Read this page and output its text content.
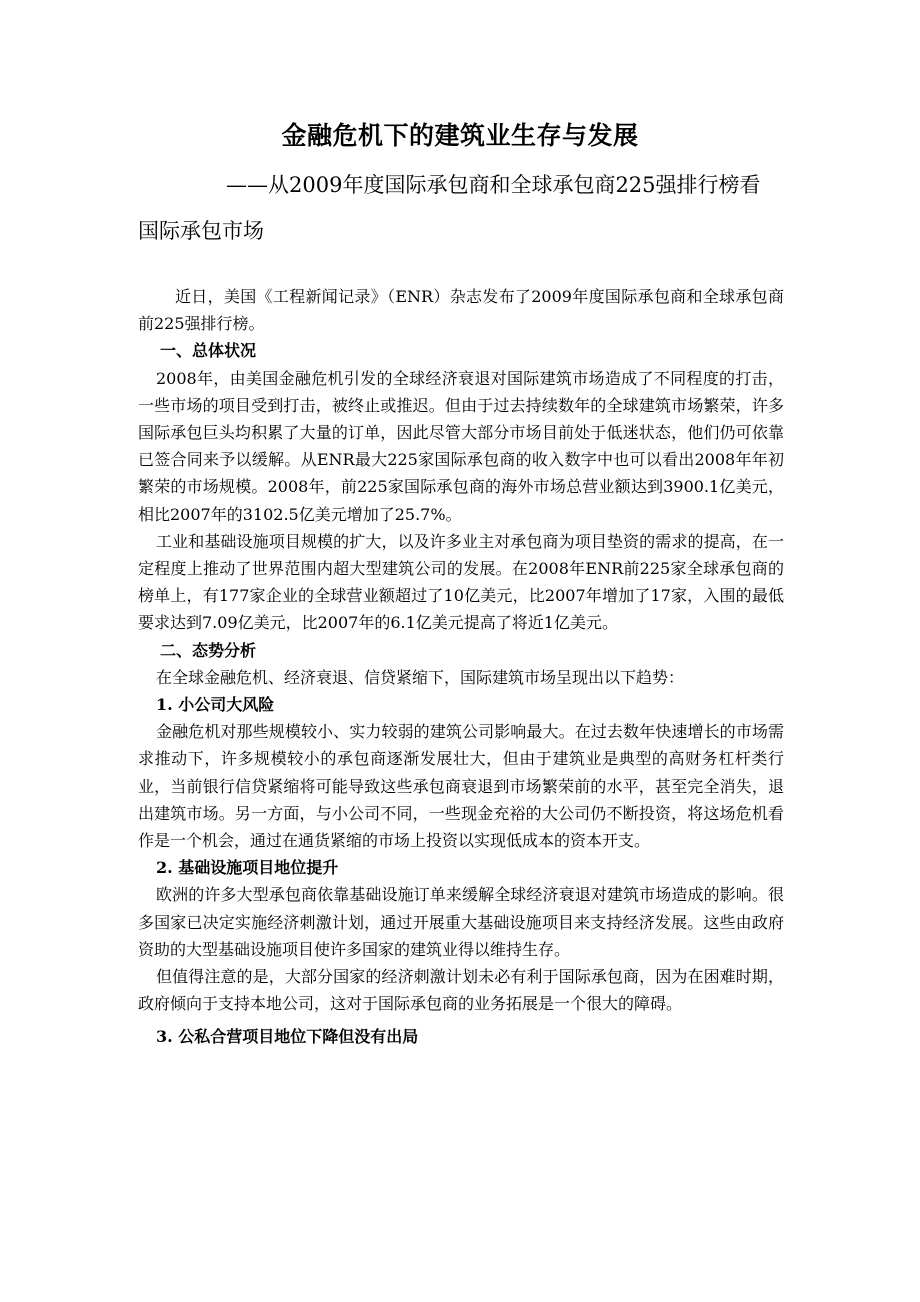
金融危机下的建筑业生存与发展
——从2009年度国际承包商和全球承包商225强排行榜看
国际承包市场

近日，美国《工程新闻记录》（ENR）杂志发布了2009年度国际承包商和全球承包商前225强排行榜。

一、总体状况

2008年，由美国金融危机引发的全球经济衰退对国际建筑市场造成了不同程度的打击，一些市场的项目受到打击，被终止或推迟。但由于过去持续数年的全球建筑市场繁荣，许多国际承包巨头均积累了大量的订单，因此尽管大部分市场目前处于低迷状态，他们仍可依靠已签合同来予以缓解。从ENR最大225家国际承包商的收入数字中也可以看出2008年年初繁荣的市场规模。2008年，前225家国际承包商的海外市场总营业额达到3900.1亿美元，相比2007年的3102.5亿美元增加了25.7%。

工业和基础设施项目规模的扩大，以及许多业主对承包商为项目垫资的需求的提高，在一定程度上推动了世界范围内超大型建筑公司的发展。在2008年ENR前225家全球承包商的榜单上，有177家企业的全球营业额超过了10亿美元，比2007年增加了17家，入围的最低要求达到7.09亿美元，比2007年的6.1亿美元提高了将近1亿美元。

二、态势分析

在全球金融危机、经济衰退、信贷紧缩下，国际建筑市场呈现出以下趋势：

1. 小公司大风险

金融危机对那些规模较小、实力较弱的建筑公司影响最大。在过去数年快速增长的市场需求推动下，许多规模较小的承包商逐渐发展壮大，但由于建筑业是典型的高财务杠杆类行业，当前银行信贷紧缩将可能导致这些承包商衰退到市场繁荣前的水平，甚至完全消失，退出建筑市场。另一方面，与小公司不同，一些现金充裕的大公司仍不断投资，将这场危机看作是一个机会，通过在通货紧缩的市场上投资以实现低成本的资本开支。

2. 基础设施项目地位提升

欧洲的许多大型承包商依靠基础设施订单来缓解全球经济衰退对建筑市场造成的影响。很多国家已决定实施经济刺激计划，通过开展重大基础设施项目来支持经济发展。这些由政府资助的大型基础设施项目使许多国家的建筑业得以维持生存。

但值得注意的是，大部分国家的经济刺激计划未必有利于国际承包商，因为在困难时期，政府倾向于支持本地公司，这对于国际承包商的业务拓展是一个很大的障碍。

3. 公私合营项目地位下降但没有出局
